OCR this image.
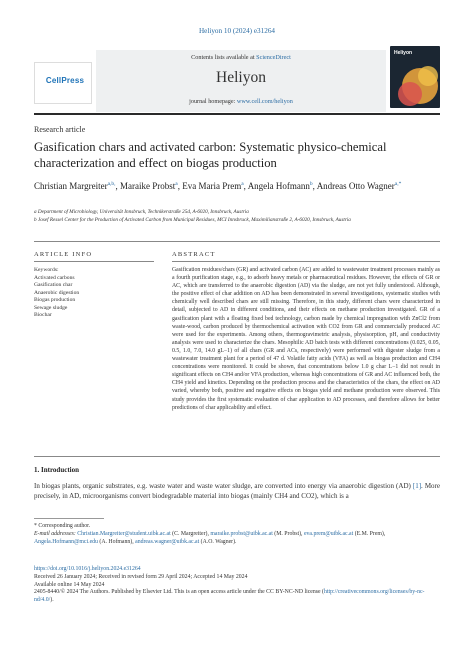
Heliyon 10 (2024) e31264
CellPress
Contents lists available at ScienceDirect
Heliyon
journal homepage: www.cell.com/heliyon
Heliyon
Research article
Gasification chars and activated carbon: Systematic physico-chemical characterization and effect on biogas production
Christian Margreiter$^{a,b,}$, Maraike Probst$^a$, Eva Maria Prem$^a$, Angela Hofmann$^b$, Andreas Otto Wagner$^{a,*}$
a Department of Microbiology, Universität Innsbruck, Technikerstraße 25d, A-6020, Innsbruck, Austria
b Josef Ressel Center for the Production of Activated Carbon from Municipal Residues, MCI Innsbruck, Maximilianstraße 2, A-6020, Innsbruck, Austria
ARTICLE INFO	ABSTRACT
Keywords:
Activated carbons
Gasification char
Anaerobic digestion
Biogas production
Sewage sludge
Biochar
Gasification residues/chars (GR) and activated carbon (AC) are added to wastewater treatment processes mainly as a fourth purification stage, e.g., to adsorb heavy metals or pharmaceutical residues. However, the effects of GR or AC, which are transferred to the anaerobic digestion (AD) via the sludge, are not yet fully understood. Although, the positive effect of char addition on AD has been demonstrated in several investigations, systematic studies with chemically well described chars are still missing. Therefore, in this study, different chars were characterized in detail, subjected to AD in different conditions, and their effects on methane production investigated. GR of a gasification plant with a floating fixed bed technology, carbon made by chemical impregnation with ZnCl2 from waste-wood, carbon produced by thermochemical activation with CO2 from GR and commercially produced AC were used for the experiments. Among others, thermogravimetric analysis, physisorption, pH, and conductivity analysis were used to characterize the chars. Mesophilic AD batch tests with different concentrations (0.025, 0.05, 0.5, 1.0, 7.0, 14.0 gL−1) of all chars (GR and ACs, respectively) were performed with digester sludge from a wastewater treatment plant for a period of 47 d. Volatile fatty acids (VFA) as well as biogas production and CH4 concentrations were monitored. It could be shown, that concentrations below 1.0 g char L−1 did not result in significant effects on CH4 and/or VFA production, whereas high concentrations of GR and AC influenced both, the CH4 yield and kinetics. Depending on the production process and the characteristics of the chars, the effect on AD varied, whereby both, positive and negative effects on biogas yield and methane production were observed. This study provides the first systematic evaluation of char application to AD processes, and therefore allows for better predictions of char applicability and effect.
1. Introduction
In biogas plants, organic substrates, e.g. waste water and waste water sludge, are converted into energy via anaerobic digestion (AD) [1]. More precisely, in AD, microorganisms convert biodegradable material into biogas (mainly CH4 and CO2), which is a
* Corresponding author.
E-mail addresses: Christian.Margreiter@student.uibk.ac.at (C. Margreiter), maraike.probst@uibk.ac.at (M. Probst), eva.prem@uibk.ac.at (E.M. Prem), Angela.Hofmann@mci.edu (A. Hofmann), andreas.wagner@uibk.ac.at (A.O. Wagner).
https://doi.org/10.1016/j.heliyon.2024.e31264
Received 26 January 2024; Received in revised form 29 April 2024; Accepted 14 May 2024
Available online 14 May 2024
2405-8440/© 2024 The Authors. Published by Elsevier Ltd. This is an open access article under the CC BY-NC-ND license (http://creativecommons.org/licenses/by-nc-nd/4.0/).
